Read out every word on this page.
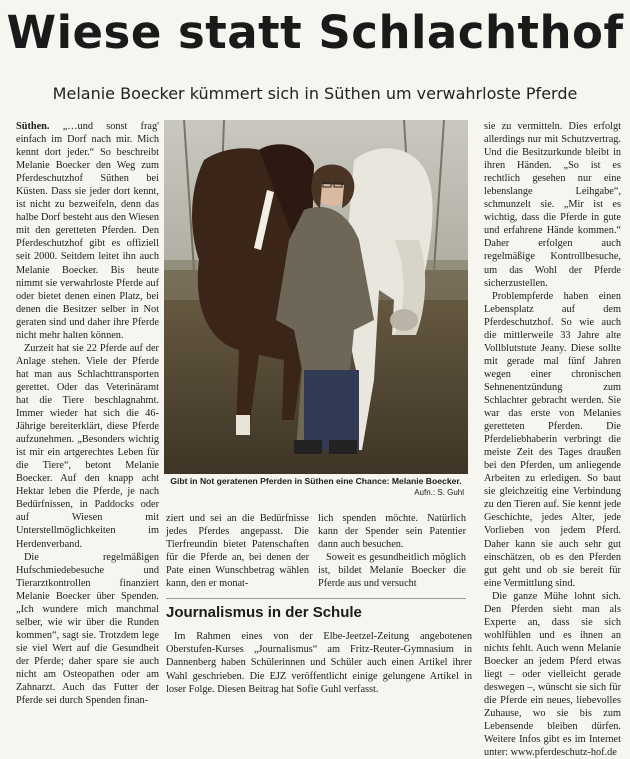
Wiese statt Schlachthof
Melanie Boecker kümmert sich in Süthen um verwahrloste Pferde

Süthen. „…und sonst frag' einfach im Dorf nach mir. Mich kennt dort jeder.“ So beschreibt Melanie Boecker den Weg zum Pferdeschutzhof Süthen bei Küsten. Dass sie jeder dort kennt, ist nicht zu bezweifeln, denn das halbe Dorf besteht aus den Wiesen mit den geretteten Pferden. Den Pferdeschutzhof gibt es offiziell seit 2000. Seitdem leitet ihn auch Melanie Boecker. Bis heute nimmt sie verwahrloste Pferde auf oder bietet denen einen Platz, bei denen die Besitzer selber in Not geraten sind und daher ihre Pferde nicht mehr halten können.

Zurzeit hat sie 22 Pferde auf der Anlage stehen. Viele der Pferde hat man aus Schlachttransporten gerettet. Oder das Veterinäramt hat die Tiere beschlagnahmt. Immer wieder hat sich die 46-Jährige bereiterklärt, diese Pferde aufzunehmen. „Besonders wichtig ist mir ein artgerechtes Leben für die Tiere“, betont Melanie Boecker. Auf den knapp acht Hektar leben die Pferde, je nach Bedürfnissen, in Paddocks oder auf Wiesen mit Unterstellmöglichkeiten im Herdenverband.

Die regelmäßigen Hufschmiedebesuche und Tierarztkontrollen finanziert Melanie Boecker über Spenden. „Ich wundere mich manchmal selber, wie wir über die Runden kommen“, sagt sie. Trotzdem lege sie viel Wert auf die Gesundheit der Pferde; daher spare sie auch nicht am Osteopathen oder am Zahnarzt. Auch das Futter der Pferde sei durch Spenden finan-

Gibt in Not geratenen Pferden in Süthen eine Chance: Melanie Boecker.
Aufn.: S. Guhl

ziert und sei an die Bedürfnisse jedes Pferdes angepasst. Die Tierfreundin bietet Patenschaften für die Pferde an, bei denen der Pate einen Wunschbetrag wählen kann, den er monat-

lich spenden möchte. Natürlich kann der Spender sein Patentier dann auch besuchen.

Soweit es gesundheitlich möglich ist, bildet Melanie Boecker die Pferde aus und versucht

sie zu vermitteln. Dies erfolgt allerdings nur mit Schutzvertrag. Und die Besitzurkunde bleibt in ihren Händen. „So ist es rechtlich gesehen nur eine lebenslange Leihgabe“, schmunzelt sie. „Mir ist es wichtig, dass die Pferde in gute und erfahrene Hände kommen.“ Daher erfolgen auch regelmäßige Kontrollbesuche, um das Wohl der Pferde sicherzustellen.

Problempferde haben einen Lebensplatz auf dem Pferdeschutzhof. So wie auch die mittlerweile 33 Jahre alte Vollblutstute Jeany. Diese sollte mit gerade mal fünf Jahren wegen einer chronischen Sehnenentzündung zum Schlachter gebracht werden. Sie war das erste von Melanies geretteten Pferden. Die Pferdeliebhaberin verbringt die meiste Zeit des Tages draußen bei den Pferden, um anliegende Arbeiten zu erledigen. So baut sie gleichzeitig eine Verbindung zu den Tieren auf. Sie kennt jede Geschichte, jedes Alter, jede Vorlieben von jedem Pferd. Daher kann sie auch sehr gut einschätzen, ob es den Pferden gut geht und ob sie bereit für eine Vermittlung sind.

Die ganze Mühe lohnt sich. Den Pferden sieht man als Experte an, dass sie sich wohlfühlen und es ihnen an nichts fehlt. Auch wenn Melanie Boecker an jedem Pferd etwas liegt – oder vielleicht gerade deswegen –, wünscht sie sich für die Pferde ein neues, liebevolles Zuhause, wo sie bis zum Lebensende bleiben dürfen. Weitere Infos gibt es im Internet unter: www.pferdeschutz-hof.de

Journalismus in der Schule

Im Rahmen eines von der Elbe-Jeetzel-Zeitung angebotenen Oberstufen-Kurses „Journalismus“ am Fritz-Reuter-Gymnasium in Dannenberg haben Schülerinnen und Schüler auch einen Artikel ihrer Wahl geschrieben. Die EJZ veröffentlicht einige gelungene Artikel in loser Folge. Diesen Beitrag hat Sofie Guhl verfasst.
